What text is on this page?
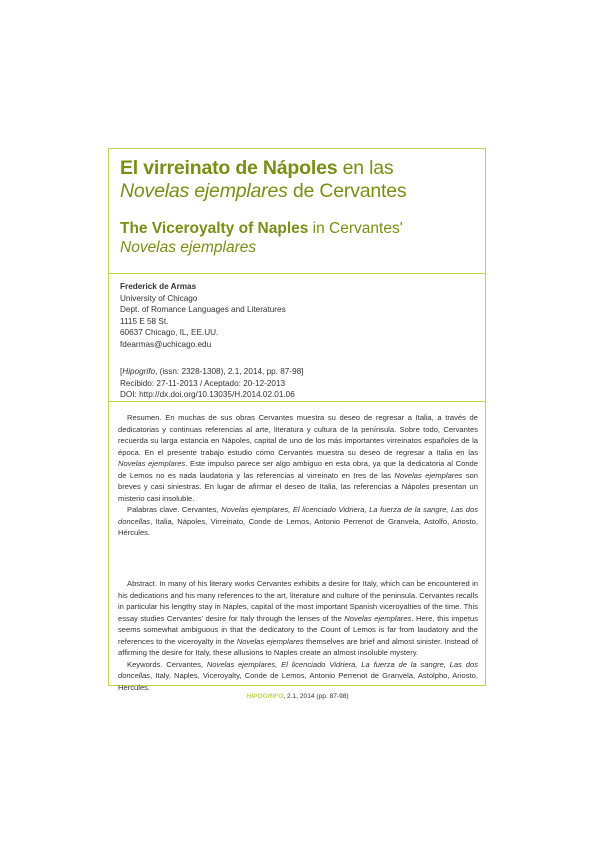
El virreinato de Nápoles en las
Novelas ejemplares de Cervantes
The Viceroyalty of Naples in Cervantes'
Novelas ejemplares
Frederick de Armas
University of Chicago
Dept. of Romance Languages and Literatures
1115 E 58 St.
60637 Chicago, IL, EE.UU.
fdearmas@uchicago.edu
[Hipogrifo, (issn: 2328-1308), 2.1, 2014, pp. 87-98]
Recibido: 27-11-2013 / Aceptado: 20-12-2013
DOI: http://dx.doi.org/10.13035/H.2014.02.01.06

Resumen. En muchas de sus obras Cervantes muestra su deseo de regresar a Italia, a través de dedicatorias y continuas referencias al arte, literatura y cultura de la península. Sobre todo, Cervantes recuerda su larga estancia en Nápoles, capital de uno de los más importantes virreinatos españoles de la época. En el presente trabajo estudio cómo Cervantes muestra su deseo de regresar a Italia en las Novelas ejemplares. Este impulso parece ser algo ambiguo en esta obra, ya que la dedicatoria al Conde de Lemos no es nada laudatoria y las referencias al virreinato en tres de las Novelas ejemplares son breves y casi siniestras. En lugar de afirmar el deseo de Italia, las referencias a Nápoles presentan un misterio casi insoluble.

Palabras clave. Cervantes, Novelas ejemplares, El licenciado Vidriera, La fuerza de la sangre, Las dos doncellas, Italia, Nápoles, Virreinato, Conde de Lemos, Antonio Perrenot de Granvela, Astolfo, Ariosto, Hércules.

Abstract. In many of his literary works Cervantes exhibits a desire for Italy, which can be encountered in his dedications and his many references to the art, literature and culture of the peninsula. Cervantes recalls in particular his lengthy stay in Naples, capital of the most important Spanish viceroyalties of the time. This essay studies Cervantes' desire for Italy through the lenses of the Novelas ejemplares. Here, this impetus seems somewhat ambiguous in that the dedicatory to the Count of Lemos is far from laudatory and the references to the viceroyalty in the Novelas ejemplares themselves are brief and almost sinister. Instead of affirming the desire for Italy, these allusions to Naples create an almost insoluble mystery.

Keywords. Cervantes, Novelas ejemplares, El licenciado Vidriera, La fuerza de la sangre, Las dos doncellas, Italy, Naples, Viceroyalty, Conde de Lemos, Antonio Perrenot de Granvela, Astolpho, Ariosto, Hercules.

HIPOGRIFO, 2.1, 2014 (pp. 87-98)
